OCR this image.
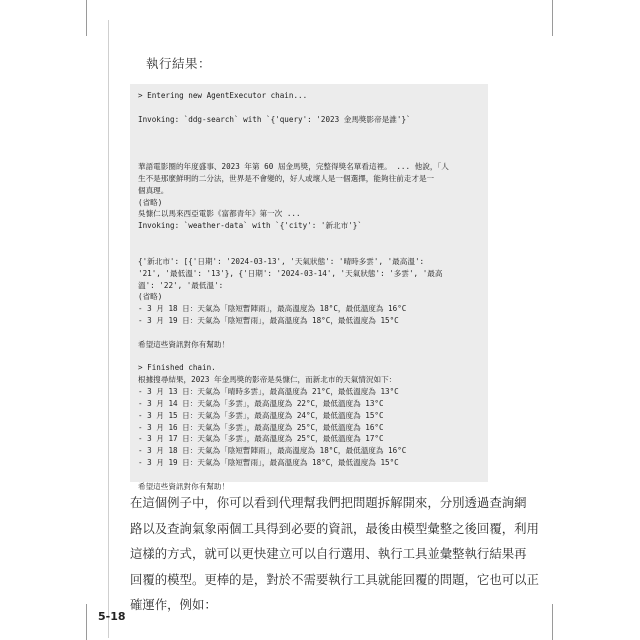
執行結果：
> Entering new AgentExecutor chain...
Invoking: `ddg-search` with `{'query': '2023 金馬獎影帝是誰'}`
華語電影圈的年度盛事、2023 年第 60 屆金馬獎，完整得獎名單看這裡。 ... 他說，「人
生不是那麼鮮明的二分法，世界是不會變的，好人或壞人是一個選擇，能夠往前走才是一
個真理。
(省略)
吳慷仁以馬來西亞電影《富都青年》第一次 ...
Invoking: `weather-data` with `{'city': '新北市'}`
{'新北市': [{'日期': '2024-03-13', '天氣狀態': '晴時多雲', '最高溫':
'21', '最低溫': '13'}, {'日期': '2024-03-14', '天氣狀態': '多雲', '最高
溫': '22', '最低溫':
(省略)
- 3 月 18 日：天氣為「陰短暫陣雨」，最高溫度為 18°C，最低溫度為 16°C
- 3 月 19 日：天氣為「陰短暫雨」，最高溫度為 18°C，最低溫度為 15°C
希望這些資訊對你有幫助！
> Finished chain.
根據搜尋結果，2023 年金馬獎的影帝是吳慷仁，而新北市的天氣情況如下：
- 3 月 13 日：天氣為「晴時多雲」，最高溫度為 21°C，最低溫度為 13°C
- 3 月 14 日：天氣為「多雲」，最高溫度為 22°C，最低溫度為 13°C
- 3 月 15 日：天氣為「多雲」，最高溫度為 24°C，最低溫度為 15°C
- 3 月 16 日：天氣為「多雲」，最高溫度為 25°C，最低溫度為 16°C
- 3 月 17 日：天氣為「多雲」，最高溫度為 25°C，最低溫度為 17°C
- 3 月 18 日：天氣為「陰短暫陣雨」，最高溫度為 18°C，最低溫度為 16°C
- 3 月 19 日：天氣為「陰短暫雨」，最高溫度為 18°C，最低溫度為 15°C
希望這些資訊對你有幫助！
在這個例子中，你可以看到代理幫我們把問題拆解開來，分別透過查詢網
路以及查詢氣象兩個工具得到必要的資訊，最後由模型彙整之後回覆，利用
這樣的方式，就可以更快建立可以自行選用、執行工具並彙整執行結果再
回覆的模型。更棒的是，對於不需要執行工具就能回覆的問題，它也可以正
確運作，例如：
5-18
